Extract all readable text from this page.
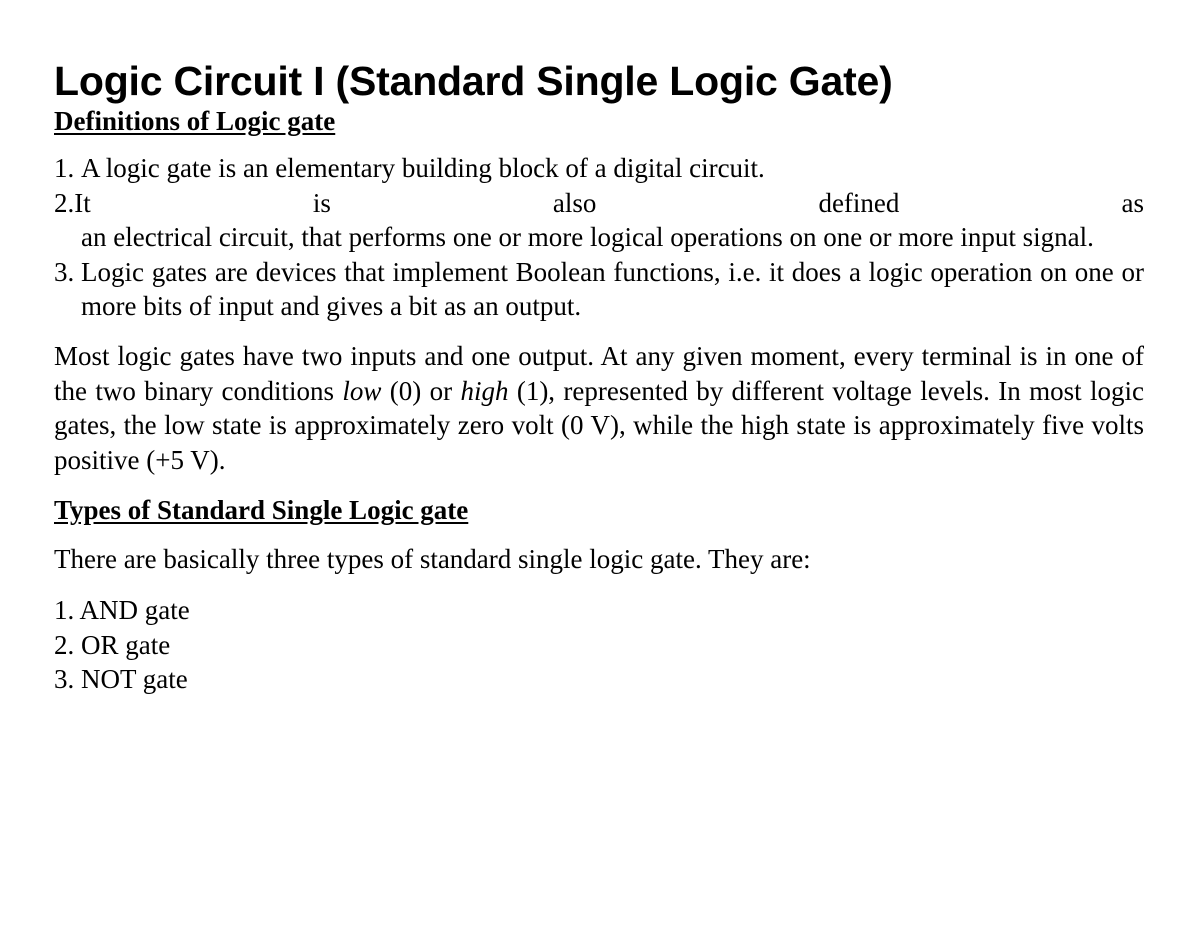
Logic Circuit I (Standard Single Logic Gate)
Definitions of Logic gate
1. A logic gate is an elementary building block of a digital circuit.
2.It	is	also	defined	as
an electrical circuit, that performs one or more logical operations on one or more input signal.
3. Logic gates are devices that implement Boolean functions, i.e. it does a logic operation on one or more bits of input and gives a bit as an output.

Most logic gates have two inputs and one output. At any given moment, every terminal is in one of the two binary conditions low (0) or high (1), represented by different voltage levels. In most logic gates, the low state is approximately zero volt (0 V), while the high state is approximately five volts positive (+5 V).

Types of Standard Single Logic gate

There are basically three types of standard single logic gate. They are:

1. AND gate
2. OR gate
3. NOT gate
